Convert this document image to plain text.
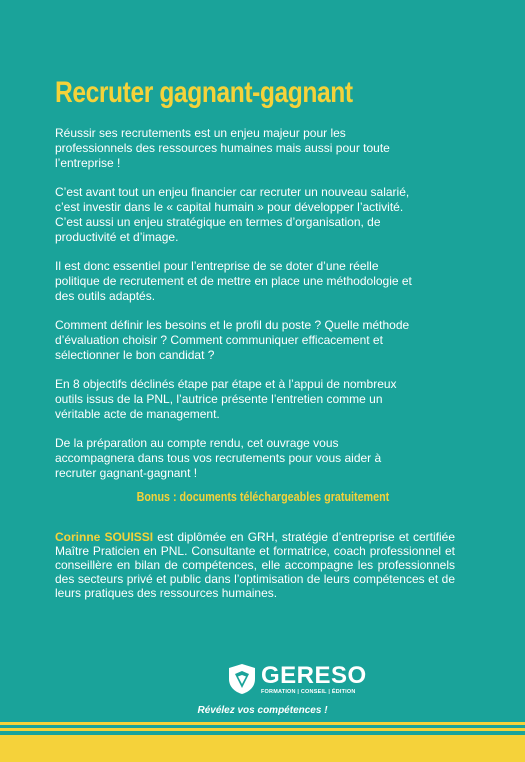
Recruter gagnant-gagnant

Réussir ses recrutements est un enjeu majeur pour les professionnels des ressources humaines mais aussi pour toute l’entreprise !

C’est avant tout un enjeu financier car recruter un nouveau salarié, c’est investir dans le « capital humain » pour développer l’activité. C’est aussi un enjeu stratégique en termes d’organisation, de productivité et d’image.

Il est donc essentiel pour l’entreprise de se doter d’une réelle politique de recrutement et de mettre en place une méthodologie et des outils adaptés.

Comment définir les besoins et le profil du poste ? Quelle méthode d’évaluation choisir ? Comment communiquer efficacement et sélectionner le bon candidat ?

En 8 objectifs déclinés étape par étape et à l’appui de nombreux outils issus de la PNL, l’autrice présente l’entretien comme un véritable acte de management.

De la préparation au compte rendu, cet ouvrage vous accompagnera dans tous vos recrutements pour vous aider à recruter gagnant-gagnant !

Bonus : documents téléchargeables gratuitement
Corinne SOUISSI est diplômée en GRH, stratégie d’entreprise et certifiée Maître Praticien en PNL. Consultante et formatrice, coach professionnel et conseillère en bilan de compétences, elle accompagne les professionnels des secteurs privé et public dans l’optimisation de leurs compétences et de leurs pratiques des ressources humaines.
GERESO
FORMATION | CONSEIL | ÉDITION
Révélez vos compétences !
